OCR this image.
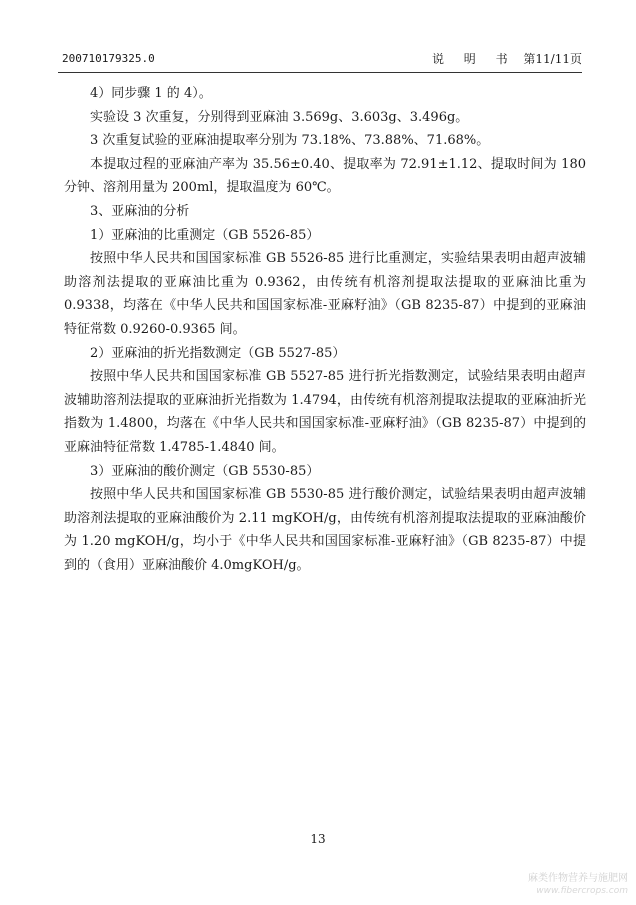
200710179325.0	说 明 书 第11/11页

4）同步骤 1 的 4）。

实验设 3 次重复，分别得到亚麻油 3.569g、3.603g、3.496g。

3 次重复试验的亚麻油提取率分别为 73.18%、73.88%、71.68%。

本提取过程的亚麻油产率为 35.56±0.40、提取率为 72.91±1.12、提取时间为 180 分钟、溶剂用量为 200ml，提取温度为 60℃。

3、亚麻油的分析

1）亚麻油的比重测定（GB 5526-85）

按照中华人民共和国国家标准 GB 5526-85 进行比重测定，实验结果表明由超声波辅助溶剂法提取的亚麻油比重为 0.9362，由传统有机溶剂提取法提取的亚麻油比重为 0.9338，均落在《中华人民共和国国家标准-亚麻籽油》（GB 8235-87）中提到的亚麻油特征常数 0.9260-0.9365 间。

2）亚麻油的折光指数测定（GB 5527-85）

按照中华人民共和国国家标准 GB 5527-85 进行折光指数测定，试验结果表明由超声波辅助溶剂法提取的亚麻油折光指数为 1.4794，由传统有机溶剂提取法提取的亚麻油折光指数为 1.4800，均落在《中华人民共和国国家标准-亚麻籽油》（GB 8235-87）中提到的亚麻油特征常数 1.4785-1.4840 间。

3）亚麻油的酸价测定（GB 5530-85）

按照中华人民共和国国家标准 GB 5530-85 进行酸价测定，试验结果表明由超声波辅助溶剂法提取的亚麻油酸价为 2.11 mgKOH/g，由传统有机溶剂提取法提取的亚麻油酸价为 1.20 mgKOH/g，均小于《中华人民共和国国家标准-亚麻籽油》（GB 8235-87）中提到的（食用）亚麻油酸价 4.0mgKOH/g。

13
麻类作物营养与施肥网
www.fibercrops.com
